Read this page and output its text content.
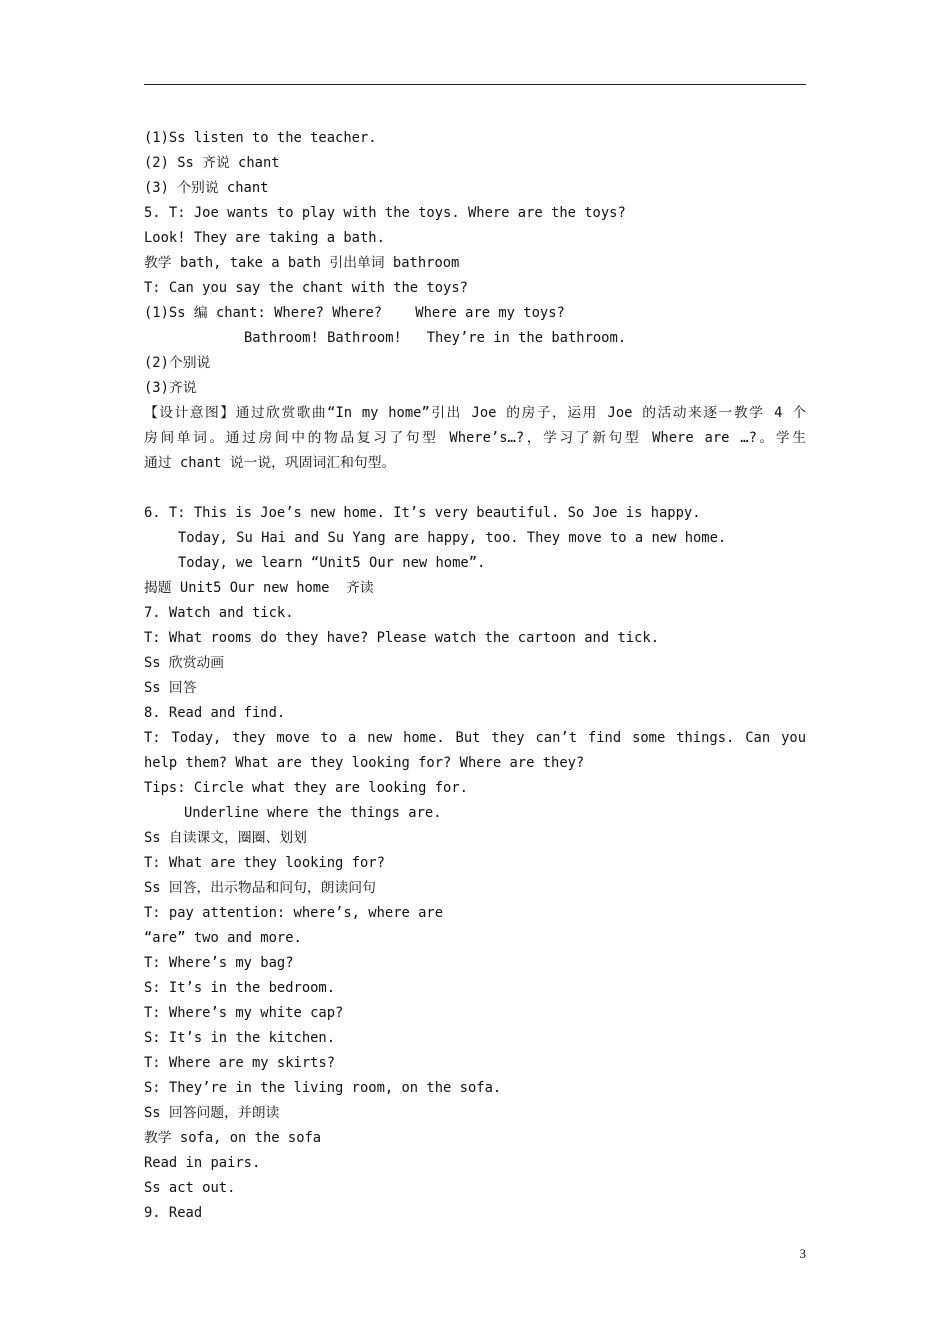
(1)Ss listen to the teacher.
(2) Ss 齐说 chant
(3) 个别说 chant
5. T: Joe wants to play with the toys. Where are the toys?
Look! They are taking a bath.
教学 bath, take a bath 引出单词 bathroom
T: Can you say the chant with the toys?
(1)Ss 编 chant: Where? Where?    Where are my toys?
Bathroom! Bathroom!   They’re in the bathroom.
(2)个别说
(3)齐说
【设计意图】通过欣赏歌曲“In my home”引出 Joe 的房子，运用 Joe 的活动来逐一教学 4 个
房间单词。通过房间中的物品复习了句型 Where’s…?，学习了新句型 Where are …?。学生
通过 chant 说一说，巩固词汇和句型。
6. T: This is Joe’s new home. It’s very beautiful. So Joe is happy.
Today, Su Hai and Su Yang are happy, too. They move to a new home.
Today, we learn “Unit5 Our new home”.
揭题 Unit5 Our new home  齐读
7. Watch and tick.
T: What rooms do they have? Please watch the cartoon and tick.
Ss 欣赏动画
Ss 回答
8. Read and find.
T: Today, they move to a new home. But they can’t find some things. Can you
help them? What are they looking for? Where are they?
Tips: Circle what they are looking for.
Underline where the things are.
Ss 自读课文，圈圈、划划
T: What are they looking for?
Ss 回答，出示物品和问句，朗读问句
T: pay attention: where’s, where are
“are” two and more.
T: Where’s my bag?
S: It’s in the bedroom.
T: Where’s my white cap?
S: It’s in the kitchen.
T: Where are my skirts?
S: They’re in the living room, on the sofa.
Ss 回答问题，并朗读
教学 sofa, on the sofa
Read in pairs.
Ss act out.
9. Read
3
